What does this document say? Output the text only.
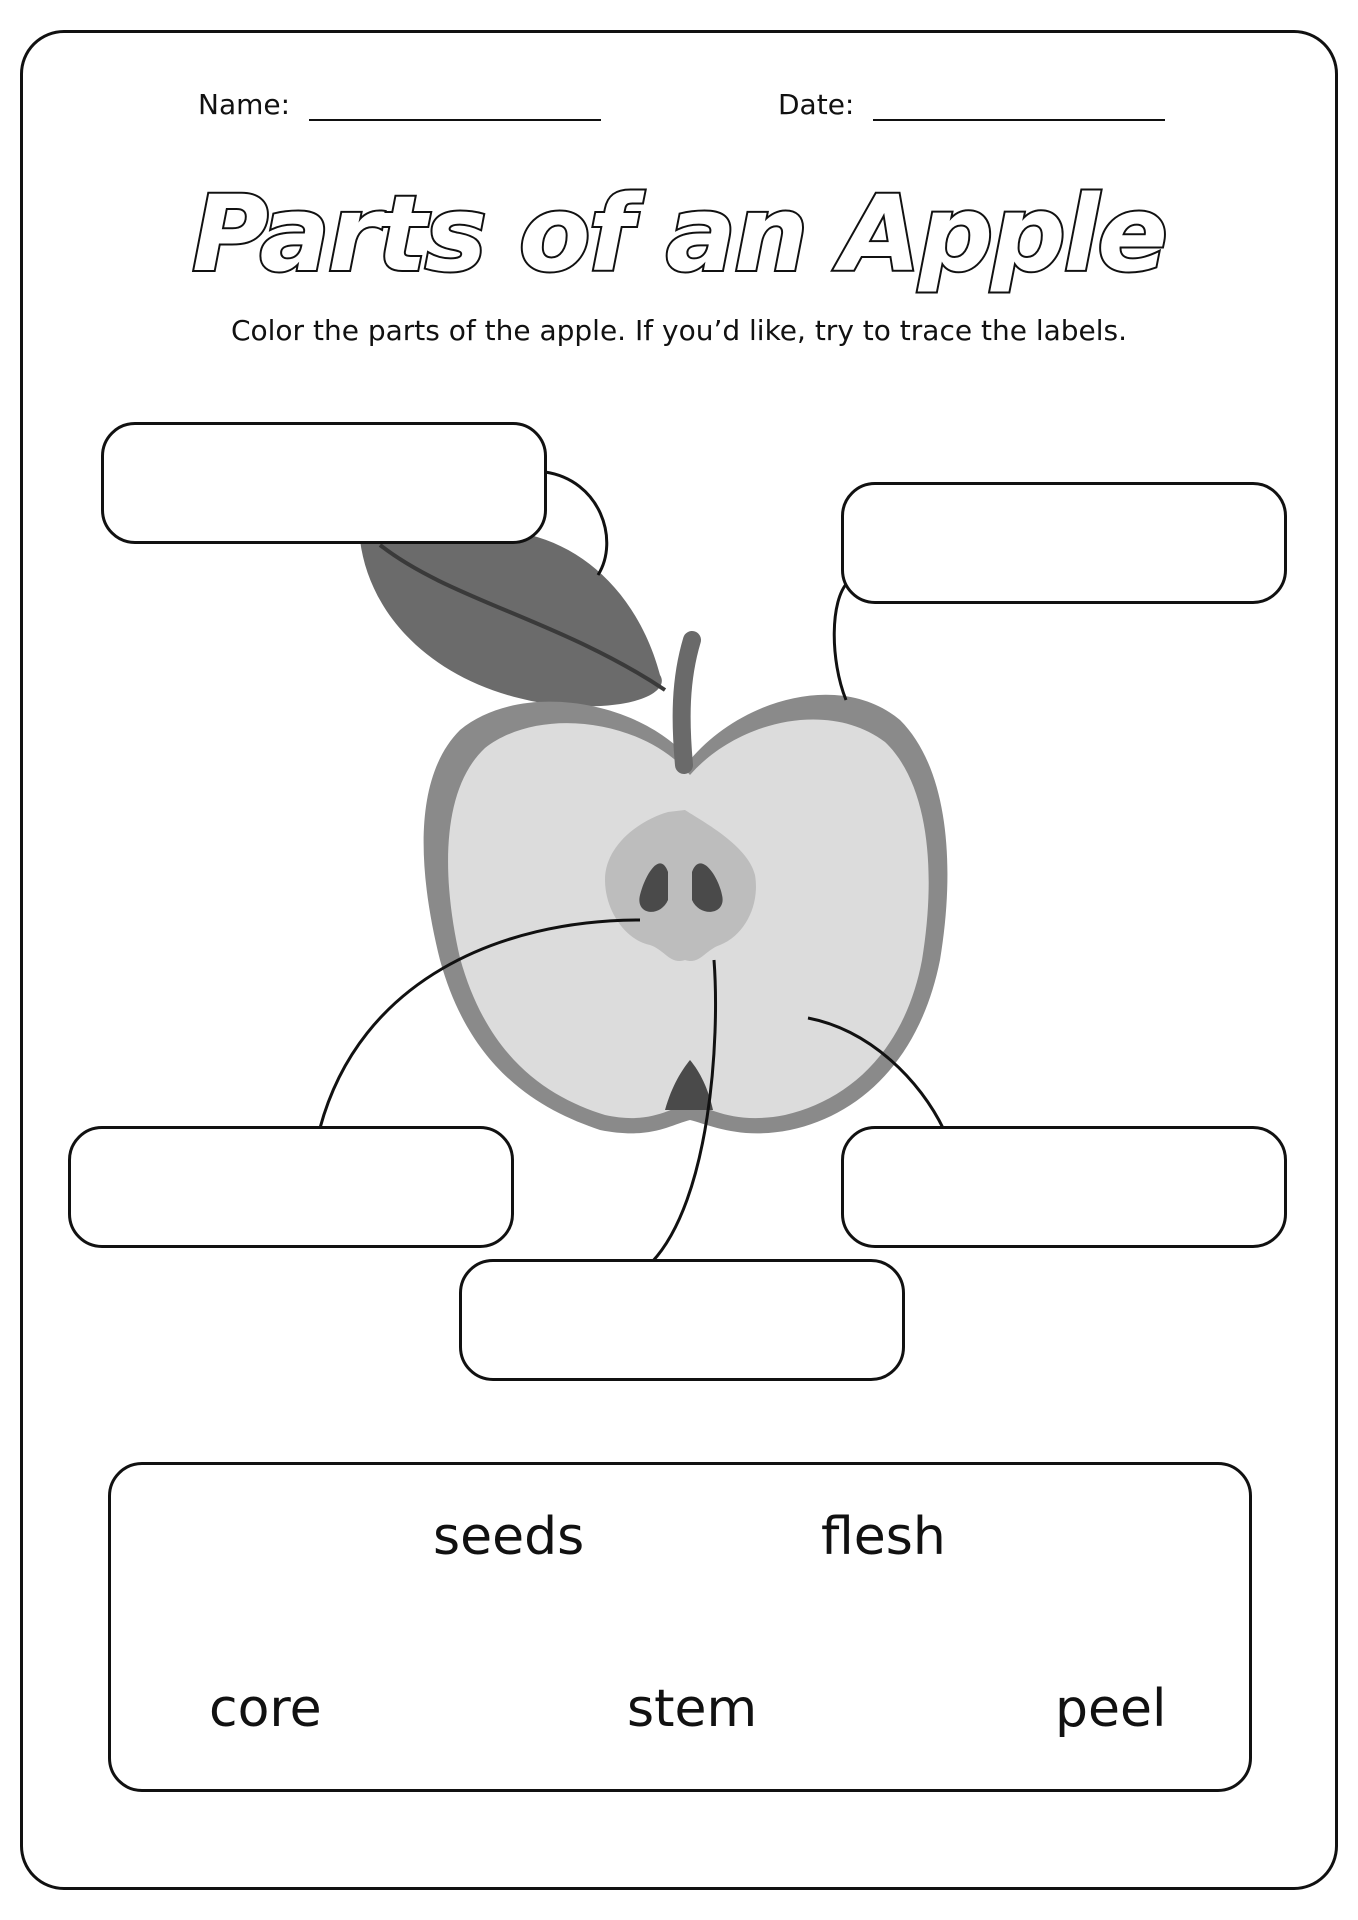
Name:	Date:
Parts of an Apple
Color the parts of the apple. If you’d like, try to trace the labels.
seeds	flesh
core	stem	peel
